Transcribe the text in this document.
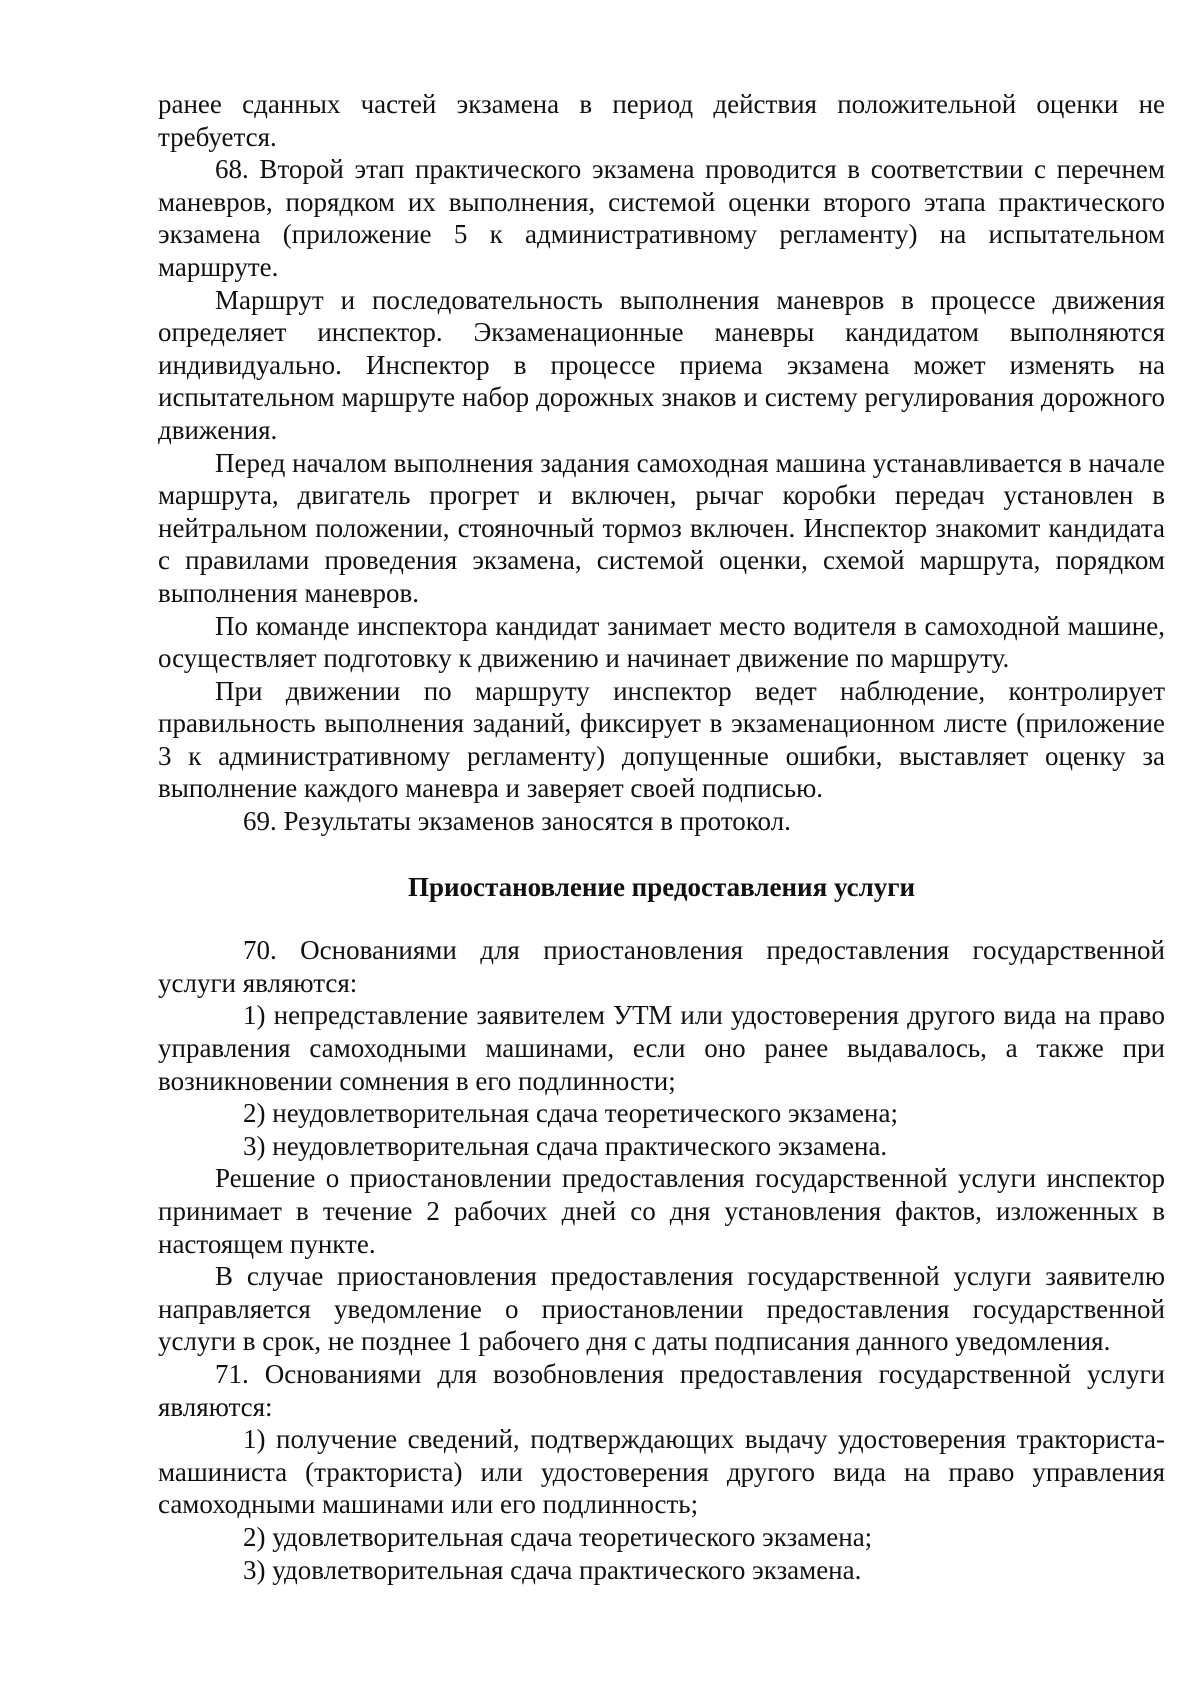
ранее сданных частей экзамена в период действия положительной оценки не требуется.

68. Второй этап практического экзамена проводится в соответствии с перечнем маневров, порядком их выполнения, системой оценки второго этапа практического экзамена (приложение 5 к административному регламенту) на испытательном маршруте.

Маршрут и последовательность выполнения маневров в процессе движения определяет инспектор. Экзаменационные маневры кандидатом выполняются индивидуально. Инспектор в процессе приема экзамена может изменять на испытательном маршруте набор дорожных знаков и систему регулирования дорожного движения.

Перед началом выполнения задания самоходная машина устанавливается в начале маршрута, двигатель прогрет и включен, рычаг коробки передач установлен в нейтральном положении, стояночный тормоз включен. Инспектор знакомит кандидата с правилами проведения экзамена, системой оценки, схемой маршрута, порядком выполнения маневров.

По команде инспектора кандидат занимает место водителя в самоходной машине, осуществляет подготовку к движению и начинает движение по маршруту.

При движении по маршруту инспектор ведет наблюдение, контролирует правильность выполнения заданий, фиксирует в экзаменационном листе (приложение 3 к административному регламенту) допущенные ошибки, выставляет оценку за выполнение каждого маневра и заверяет своей подписью.

69. Результаты экзаменов заносятся в протокол.

Приостановление предоставления услуги

70. Основаниями для приостановления предоставления государственной услуги являются:

1) непредставление заявителем УТМ или удостоверения другого вида на право управления самоходными машинами, если оно ранее выдавалось, а также при возникновении сомнения в его подлинности;

2) неудовлетворительная сдача теоретического экзамена;

3) неудовлетворительная сдача практического экзамена.

Решение о приостановлении предоставления государственной услуги инспектор принимает в течение 2 рабочих дней со дня установления фактов, изложенных в настоящем пункте.

В случае приостановления предоставления государственной услуги заявителю направляется уведомление о приостановлении предоставления государственной услуги в срок, не позднее 1 рабочего дня с даты подписания данного уведомления.

71. Основаниями для возобновления предоставления государственной услуги являются:

1) получение сведений, подтверждающих выдачу удостоверения тракториста-машиниста (тракториста) или удостоверения другого вида на право управления самоходными машинами или его подлинность;

2) удовлетворительная сдача теоретического экзамена;

3) удовлетворительная сдача практического экзамена.
